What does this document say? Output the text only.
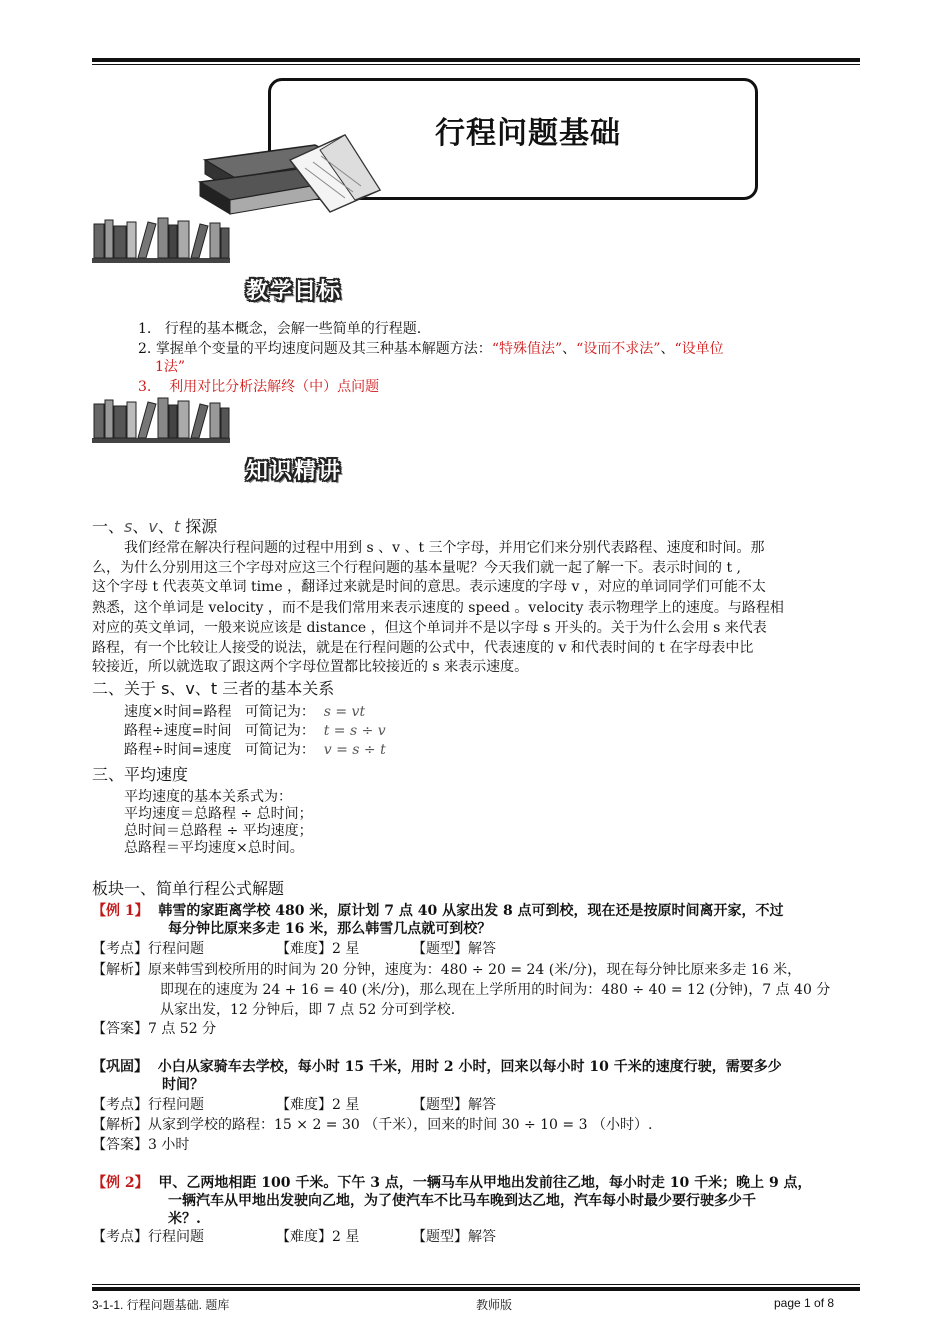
行程问题基础
教学目标
1. 行程的基本概念，会解一些简单的行程题.
2. 掌握单个变量的平均速度问题及其三种基本解题方法：“特殊值法”、“设而不求法”、“设单位
1法”
3. 利用对比分析法解终（中）点问题
知识精讲
一、s、v、t 探源
我们经常在解决行程问题的过程中用到 s 、v 、t 三个字母，并用它们来分别代表路程、速度和时间。那
么，为什么分别用这三个字母对应这三个行程问题的基本量呢？今天我们就一起了解一下。表示时间的 t ,
这个字母 t 代表英文单词 time ，翻译过来就是时间的意思。表示速度的字母 v ，对应的单词同学们可能不太
熟悉，这个单词是 velocity ，而不是我们常用来表示速度的 speed 。velocity 表示物理学上的速度。与路程相
对应的英文单词，一般来说应该是 distance ，但这个单词并不是以字母 s 开头的。关于为什么会用 s 来代表
路程，有一个比较让人接受的说法，就是在行程问题的公式中，代表速度的 v 和代表时间的 t 在字母表中比
较接近，所以就选取了跟这两个字母位置都比较接近的 s 来表示速度。
二、关于 s、v、t 三者的基本关系
速度×时间=路程 可简记为： s = vt
路程÷速度=时间 可简记为： t = s ÷ v
路程÷时间=速度 可简记为： v = s ÷ t
三、平均速度
平均速度的基本关系式为：
平均速度＝总路程 ÷ 总时间；
总时间＝总路程 ÷ 平均速度；
总路程＝平均速度×总时间。
板块一、简单行程公式解题
【例 1】 韩雪的家距离学校 480 米，原计划 7 点 40 从家出发 8 点可到校，现在还是按原时间离开家，不过
每分钟比原来多走 16 米，那么韩雪几点就可到校？
【考点】行程问题	【难度】2 星	【题型】解答
【解析】原来韩雪到校所用的时间为 20 分钟，速度为：480 ÷ 20 = 24 (米/分)，现在每分钟比原来多走 16 米，
即现在的速度为 24 + 16 = 40 (米/分)，那么现在上学所用的时间为：480 ÷ 40 = 12 (分钟)，7 点 40 分
从家出发，12 分钟后，即 7 点 52 分可到学校.
【答案】7 点 52 分
【巩固】 小白从家骑车去学校，每小时 15 千米，用时 2 小时，回来以每小时 10 千米的速度行驶，需要多少
时间？
【考点】行程问题	【难度】2 星	【题型】解答
【解析】从家到学校的路程：15 × 2 = 30 （千米），回来的时间 30 ÷ 10 = 3 （小时）.
【答案】3 小时
【例 2】 甲、乙两地相距 100 千米。下午 3 点，一辆马车从甲地出发前往乙地，每小时走 10 千米；晚上 9 点，
一辆汽车从甲地出发驶向乙地，为了使汽车不比马车晚到达乙地，汽车每小时最少要行驶多少千
米？.
【考点】行程问题	【难度】2 星	【题型】解答
3-1-1. 行程问题基础. 题库	教师版	page 1 of 8
